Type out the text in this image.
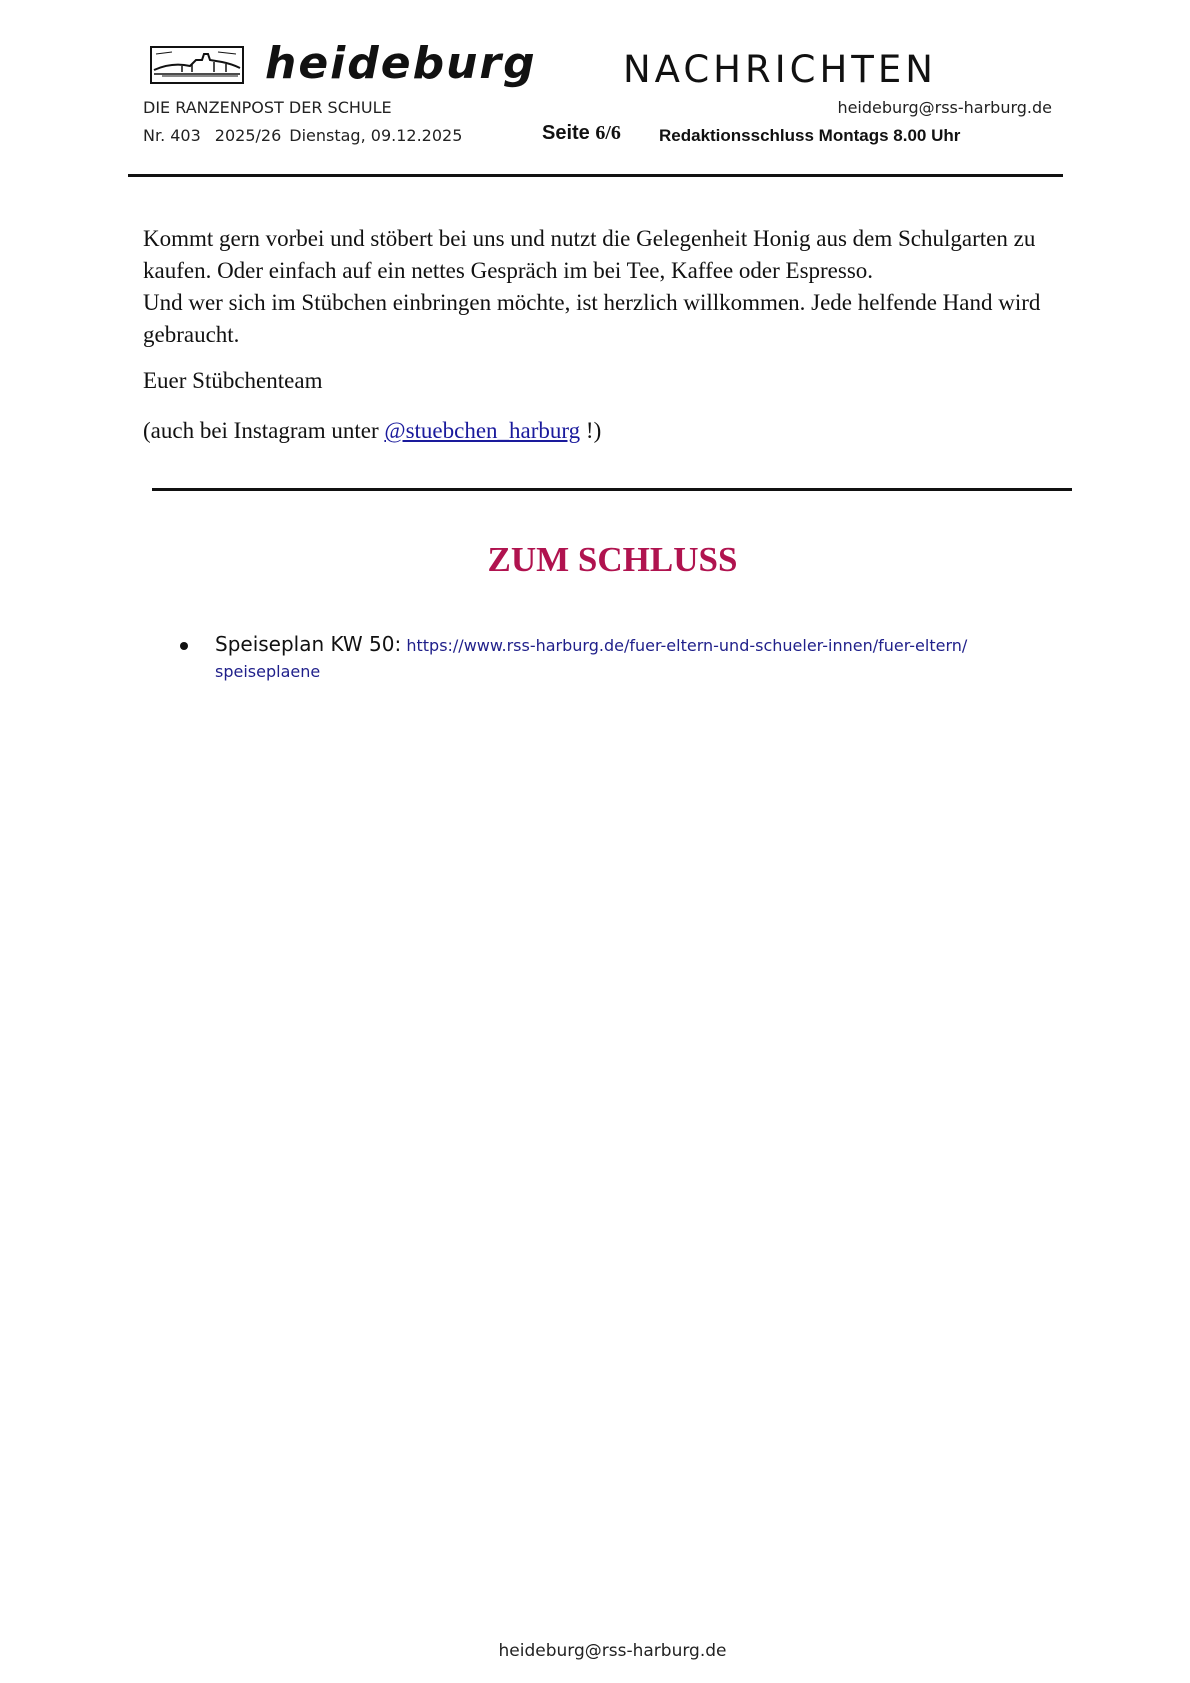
heideburg NACHRICHTEN
DIE RANZENPOST DER SCHULE	heideburg@rss-harburg.de
Nr. 403 2025/26 Dienstag, 09.12.2025	Seite 6/6 Redaktionsschluss Montags 8.00 Uhr

Kommt gern vorbei und stöbert bei uns und nutzt die Gelegenheit Honig aus dem Schulgarten zu kaufen. Oder einfach auf ein nettes Gespräch im bei Tee, Kaffee oder Espresso.

Und wer sich im Stübchen einbringen möchte, ist herzlich willkommen. Jede helfende Hand wird gebraucht.

Euer Stübchenteam
(auch bei Instagram unter @stuebchen_harburg !)
ZUM SCHLUSS
Speiseplan KW 50: https://www.rss-harburg.de/fuer-eltern-und-schueler-innen/fuer-eltern/
speiseplaene
heideburg@rss-harburg.de
